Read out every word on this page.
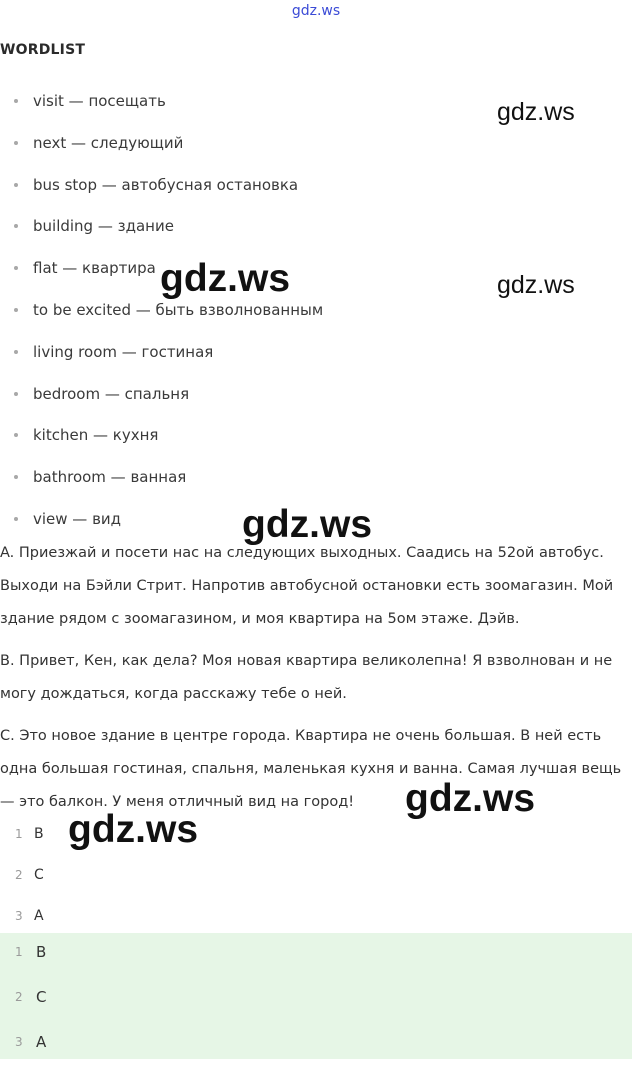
gdz.ws
WORDLIST
visit — посещать
next — следующий
bus stop — автобусная остановка
building — здание
flat — квартира
to be excited — быть взволнованным
living room — гостиная
bedroom — спальня
kitchen — кухня
bathroom — ванная
view — вид

A. Приезжай и посети нас на следующих выходных. Саадись на 52ой автобус. Выходи на Бэйли Стрит. Напротив автобусной остановки есть зоомагазин. Мой здание рядом с зоомагазином, и моя квартира на 5ом этаже. Дэйв.

B. Привет, Кен, как дела? Моя новая квартира великолепна! Я взволнован и не могу дождаться, когда расскажу тебе о ней.

C. Это новое здание в центре города. Квартира не очень большая. В ней есть одна большая гостиная, спальня, маленькая кухня и ванна. Самая лучшая вещь — это балкон. У меня отличный вид на город!

1 B
2 C
3 A
1 B
2 C
3 A
gdz.ws
gdz.ws	gdz.ws
gdz.ws
gdz.ws
gdz.ws
